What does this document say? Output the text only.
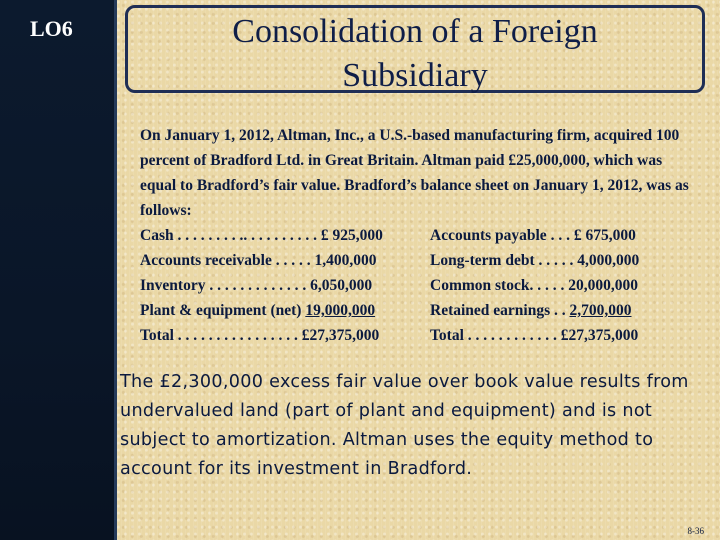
LO6	Consolidation of a Foreign
Subsidiary

On January 1, 2012, Altman, Inc., a U.S.-based manufacturing firm, acquired 100 percent of Bradford Ltd. in Great Britain. Altman paid £25,000,000, which was equal to Bradford’s fair value. Bradford’s balance sheet on January 1, 2012, was as follows:

Cash . . . . . . . . .. . . . . . . . . . £ 925,000	Accounts payable . . . £ 675,000
Accounts receivable . . . . . 1,400,000	Long-term debt . . . . . 4,000,000
Inventory . . . . . . . . . . . . . 6,050,000	Common stock. . . . . 20,000,000
Plant & equipment (net) 19,000,000	Retained earnings . . 2,700,000
Total . . . . . . . . . . . . . . . . £27,375,000	Total . . . . . . . . . . . . £27,375,000
The £2,300,000 excess fair value over book value results from undervalued land (part of plant and equipment) and is not subject to amortization. Altman uses the equity method to account for its investment in Bradford.
8-36
